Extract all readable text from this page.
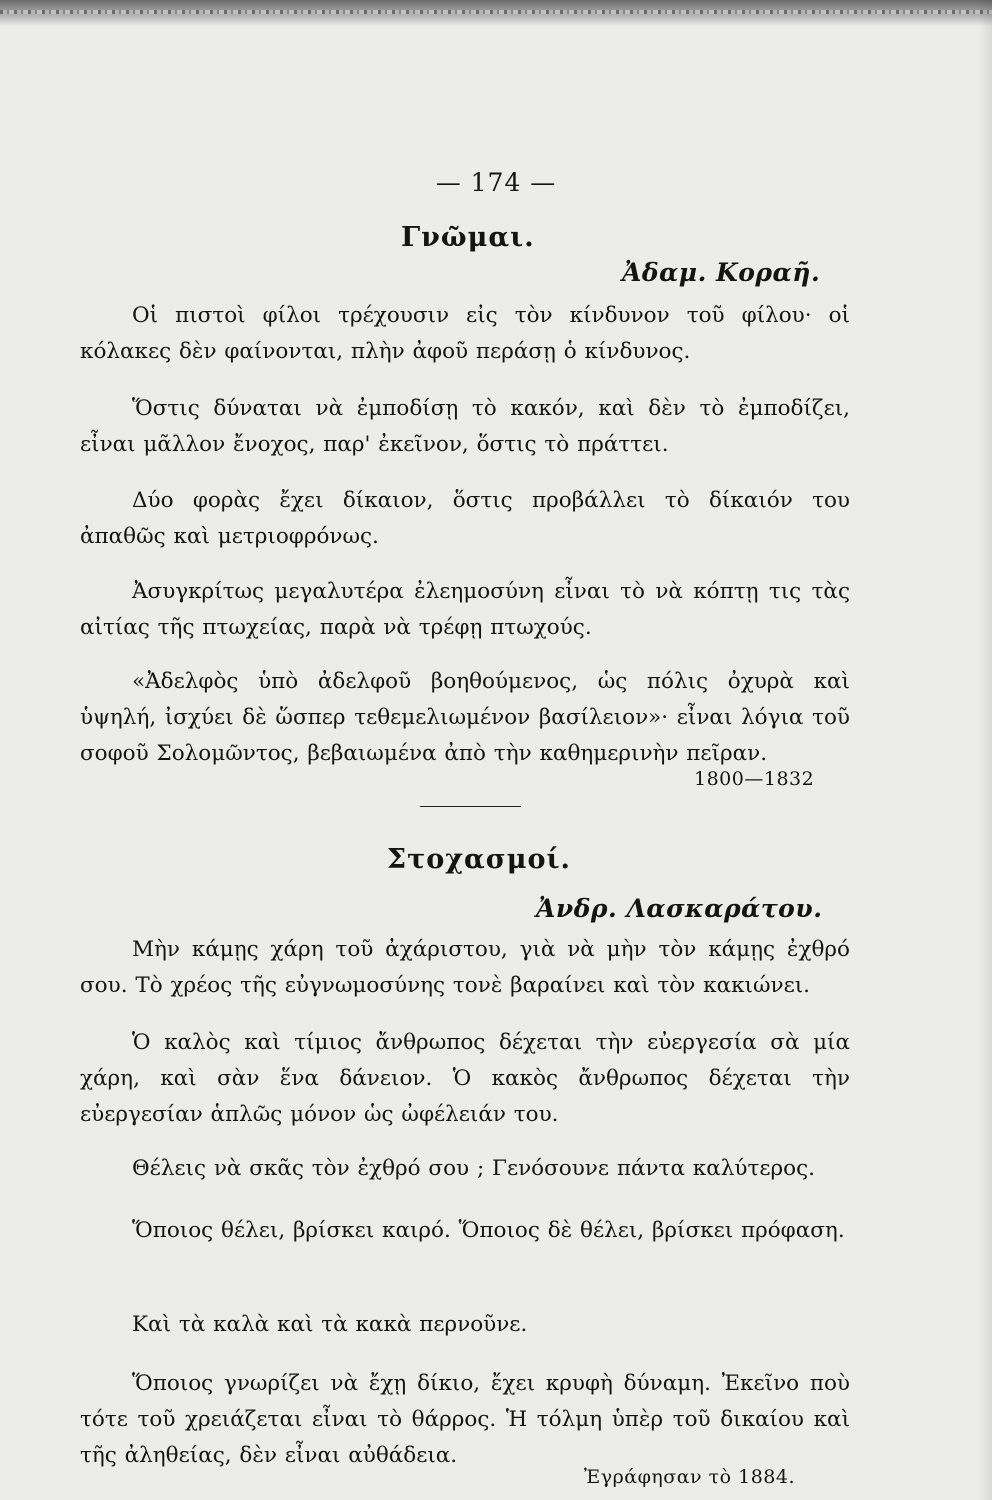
— 174 —
Γνῶμαι.
Ἀδαμ. Κοραῆ.
Οἱ πιστοὶ φίλοι τρέχουσιν εἰς τὸν κίνδυνον τοῦ φίλου· οἱ κόλακες δὲν φαίνονται, πλὴν ἀφοῦ περάσῃ ὁ κίνδυνος.
Ὅστις δύναται νὰ ἐμποδίσῃ τὸ κακόν, καὶ δὲν τὸ ἐμποδίζει, εἶναι μᾶλλον ἔνοχος, παρ' ἐκεῖνον, ὅστις τὸ πράττει.
Δύο φορὰς ἔχει δίκαιον, ὅστις προβάλλει τὸ δίκαιόν του ἀπαθῶς καὶ μετριοφρόνως.
Ἀσυγκρίτως μεγαλυτέρα ἐλεημοσύνη εἶναι τὸ νὰ κόπτῃ τις τὰς αἰτίας τῆς πτωχείας, παρὰ νὰ τρέφῃ πτωχούς.
«Ἀδελφὸς ὑπὸ ἀδελφοῦ βοηθούμενος, ὡς πόλις ὀχυρὰ καὶ ὑψηλή, ἰσχύει δὲ ὥσπερ τεθεμελιωμένον βασίλειον»· εἶναι λόγια τοῦ σοφοῦ Σολομῶντος, βεβαιωμένα ἀπὸ τὴν καθημερινὴν πεῖραν.
1800—1832
Στοχασμοί.
Ἀνδρ. Λασκαράτου.
Μὴν κάμῃς χάρη τοῦ ἀχάριστου, γιὰ νὰ μὴν τὸν κάμῃς ἐχθρό σου. Τὸ χρέος τῆς εὐγνωμοσύνης τονὲ βαραίνει καὶ τὸν κακιώνει.
Ὁ καλὸς καὶ τίμιος ἄνθρωπος δέχεται τὴν εὐεργεσία σὰ μία χάρη, καὶ σὰν ἕνα δάνειον. Ὁ κακὸς ἄνθρωπος δέχεται τὴν εὐεργεσίαν ἁπλῶς μόνον ὡς ὠφέλειάν του.
Θέλεις νὰ σκᾶς τὸν ἐχθρό σου ; Γενόσουνε πάντα καλύτερος.
Ὅποιος θέλει, βρίσκει καιρό. Ὅποιος δὲ θέλει, βρίσκει πρόφαση.
Καὶ τὰ καλὰ καὶ τὰ κακὰ περνοῦνε.
Ὅποιος γνωρίζει νὰ ἔχῃ δίκιο, ἔχει κρυφὴ δύναμη. Ἐκεῖνο ποὺ τότε τοῦ χρειάζεται εἶναι τὸ θάρρος. Ἡ τόλμη ὑπὲρ τοῦ δικαίου καὶ τῆς ἀληθείας, δὲν εἶναι αὐθάδεια.
Ἐγράφησαν τὸ 1884.
